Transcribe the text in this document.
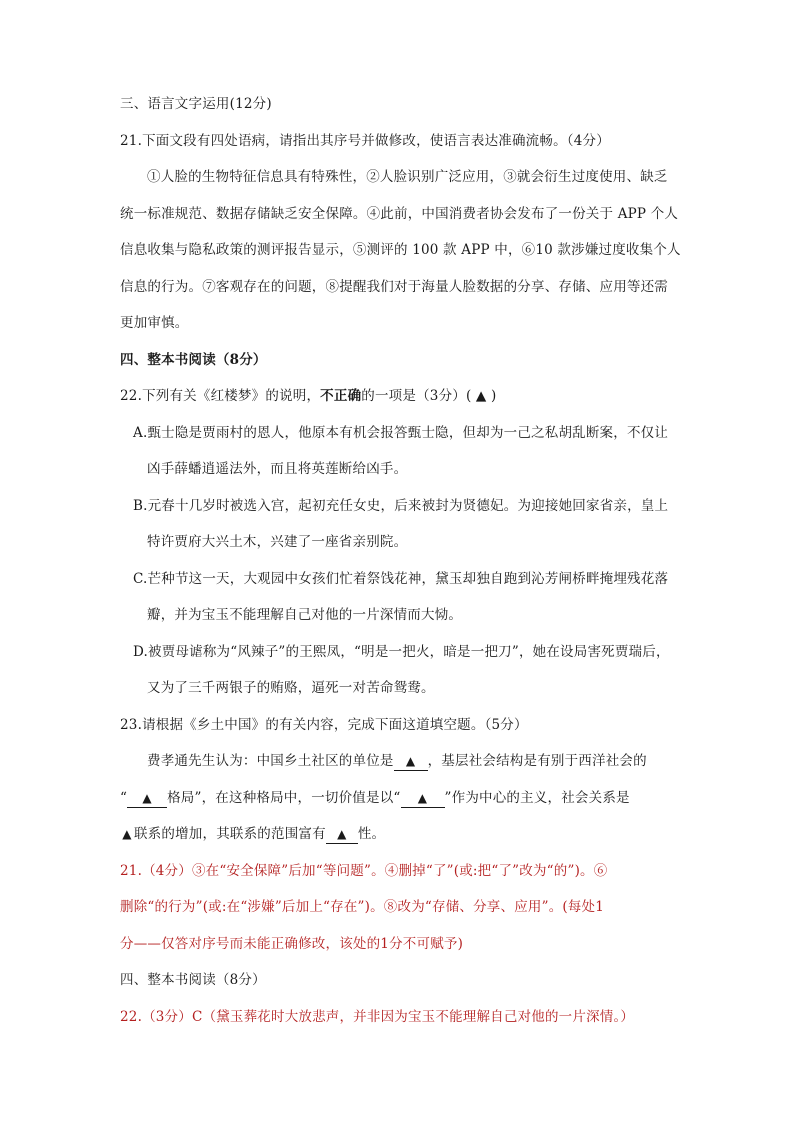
三、语言文字运用(12分)
21.下面文段有四处语病，请指出其序号并做修改，使语言表达准确流畅。（4分）
①人脸的生物特征信息具有特殊性，②人脸识别广泛应用，③就会衍生过度使用、缺乏
统一标准规范、数据存储缺乏安全保障。④此前，中国消费者协会发布了一份关于 APP 个人
信息收集与隐私政策的测评报告显示，⑤测评的 100 款 APP 中，⑥10 款涉嫌过度收集个人
信息的行为。⑦客观存在的问题，⑧提醒我们对于海量人脸数据的分享、存储、应用等还需
更加审慎。
四、整本书阅读（8分）
22.下列有关《红楼梦》的说明，不正确的一项是（3分）( ▲ )
A.甄士隐是贾雨村的恩人，他原本有机会报答甄士隐，但却为一己之私胡乱断案，不仅让
凶手薛蟠逍遥法外，而且将英莲断给凶手。
B.元春十几岁时被选入宫，起初充任女史，后来被封为贤德妃。为迎接她回家省亲，皇上
特许贾府大兴土木，兴建了一座省亲别院。
C.芒种节这一天，大观园中女孩们忙着祭饯花神，黛玉却独自跑到沁芳闸桥畔掩埋残花落
瓣，并为宝玉不能理解自己对他的一片深情而大恸。
D.被贾母谑称为“风辣子”的王熙凤，“明是一把火，暗是一把刀”，她在设局害死贾瑞后，
又为了三千两银子的贿赂，逼死一对苦命鸳鸯。
23.请根据《乡土中国》的有关内容，完成下面这道填空题。（5分）
费孝通先生认为：中国乡土社区的单位是 ▲ ，基层社会结构是有别于西洋社会的
“ ▲ 格局”，在这种格局中，一切价值是以“ ▲ ”作为中心的主义，社会关系是
▲ 联系的增加，其联系的范围富有 ▲ 性。
21.（4分）③在“安全保障”后加“等问题”。④删掉“了”(或:把“了”改为“的”)。⑥
删除“的行为”(或:在“涉嫌”后加上“存在”)。⑧改为“存储、分享、应用”。(每处1
分——仅答对序号而未能正确修改，该处的1分不可赋予)
四、整本书阅读（8分）
22.（3分）C（黛玉葬花时大放悲声，并非因为宝玉不能理解自己对他的一片深情。）
